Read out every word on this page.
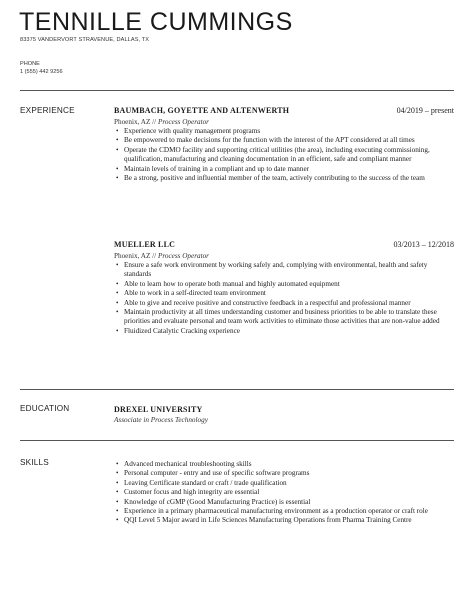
TENNILLE CUMMINGS
83375 VANDERVORT STRAVENUE, DALLAS, TX
PHONE
1 (555) 442 9256
EXPERIENCE	BAUMBACH, GOYETTE AND ALTENWERTH	04/2019 – present
Phoenix, AZ // Process Operator
• Experience with quality management programs
• Be empowered to make decisions for the function with the interest of the APT considered at all times
• Operate the CDMO facility and supporting critical utilities (the area), including executing commissioning, qualification, manufacturing and cleaning documentation in an efficient, safe and compliant manner
• Maintain levels of training in a compliant and up to date manner
• Be a strong, positive and influential member of the team, actively contributing to the success of the team
MUELLER LLC	03/2013 – 12/2018
Phoenix, AZ // Process Operator
• Ensure a safe work environment by working safely and, complying with environmental, health and safety standards
• Able to learn how to operate both manual and highly automated equipment
• Able to work in a self-directed team environment
• Able to give and receive positive and constructive feedback in a respectful and professional manner
• Maintain productivity at all times understanding customer and business priorities to be able to translate these priorities and evaluate personal and team work activities to eliminate those activities that are non-value added
• Fluidized Catalytic Cracking experience
EDUCATION	DREXEL UNIVERSITY
Associate in Process Technology
SKILLS	• Advanced mechanical troubleshooting skills
• Personal computer - entry and use of specific software programs
• Leaving Certificate standard or craft / trade qualification
• Customer focus and high integrity are essential
• Knowledge of cGMP (Good Manufacturing Practice) is essential
• Experience in a primary pharmaceutical manufacturing environment as a production operator or craft role
• QQI Level 5 Major award in Life Sciences Manufacturing Operations from Pharma Training Centre
